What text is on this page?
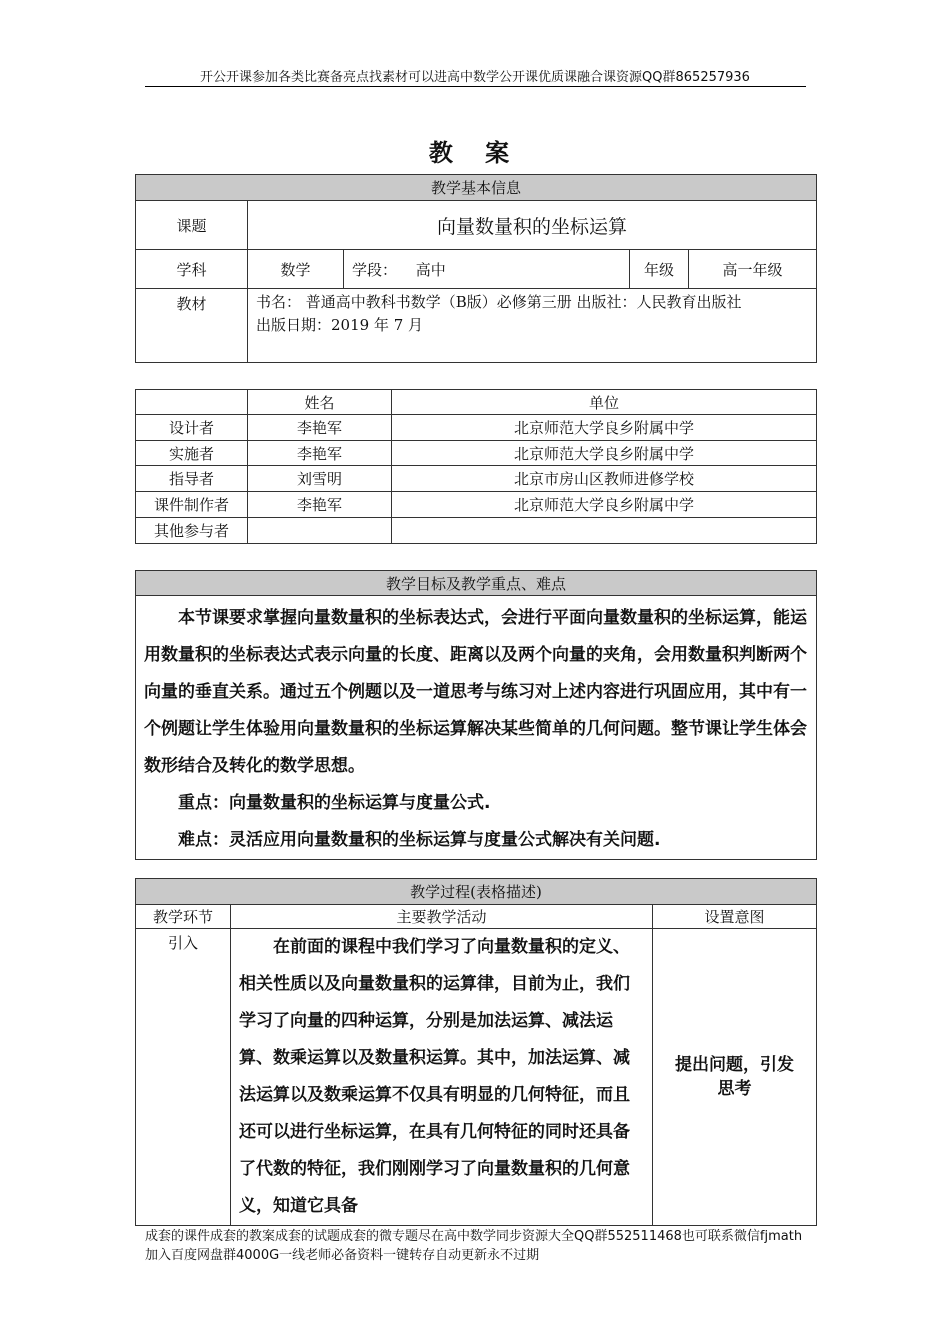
开公开课参加各类比赛备亮点找素材可以进高中数学公开课优质课融合课资源QQ群865257936
教 案
教学基本信息				
课题	向量数量积的坐标运算			
学科	数学	学段： 高中	年级	高一年级
教材	书名： 普通高中教科书数学（B版）必修第三册 出版社：人民教育出版社
出版日期：2019 年 7 月			
	姓名	单位
设计者	李艳军	北京师范大学良乡附属中学
实施者	李艳军	北京师范大学良乡附属中学
指导者	刘雪明	北京市房山区教师进修学校
课件制作者	李艳军	北京师范大学良乡附属中学
其他参与者		
教学目标及教学重点、难点

本节课要求掌握向量数量积的坐标表达式，会进行平面向量数量积的坐标运算，能运用数量积的坐标表达式表示向量的长度、距离以及两个向量的夹角，会用数量积判断两个向量的垂直关系。通过五个例题以及一道思考与练习对上述内容进行巩固应用，其中有一个例题让学生体验用向量数量积的坐标运算解决某些简单的几何问题。整节课让学生体会数形结合及转化的数学思想。

重点：向量数量积的坐标运算与度量公式.

难点：灵活应用向量数量积的坐标运算与度量公式解决有关问题.

教学过程(表格描述)		
教学环节	主要教学活动	设置意图
引入	在前面的课程中我们学习了向量数量积的定义、相关性质以及向量数量积的运算律，目前为止，我们学习了向量的四种运算，分别是加法运算、减法运算、数乘运算以及数量积运算。其中，加法运算、减法运算以及数乘运算不仅具有明显的几何特征，而且还可以进行坐标运算，在具有几何特征的同时还具备了代数的特征，我们刚刚学习了向量数量积的几何意义，知道它具备	提出问题，引发思考
成套的课件成套的教案成套的试题成套的微专题尽在高中数学同步资源大全QQ群552511468也可联系微信fjmath加入百度网盘群4000G一线老师必备资料一键转存自动更新永不过期
